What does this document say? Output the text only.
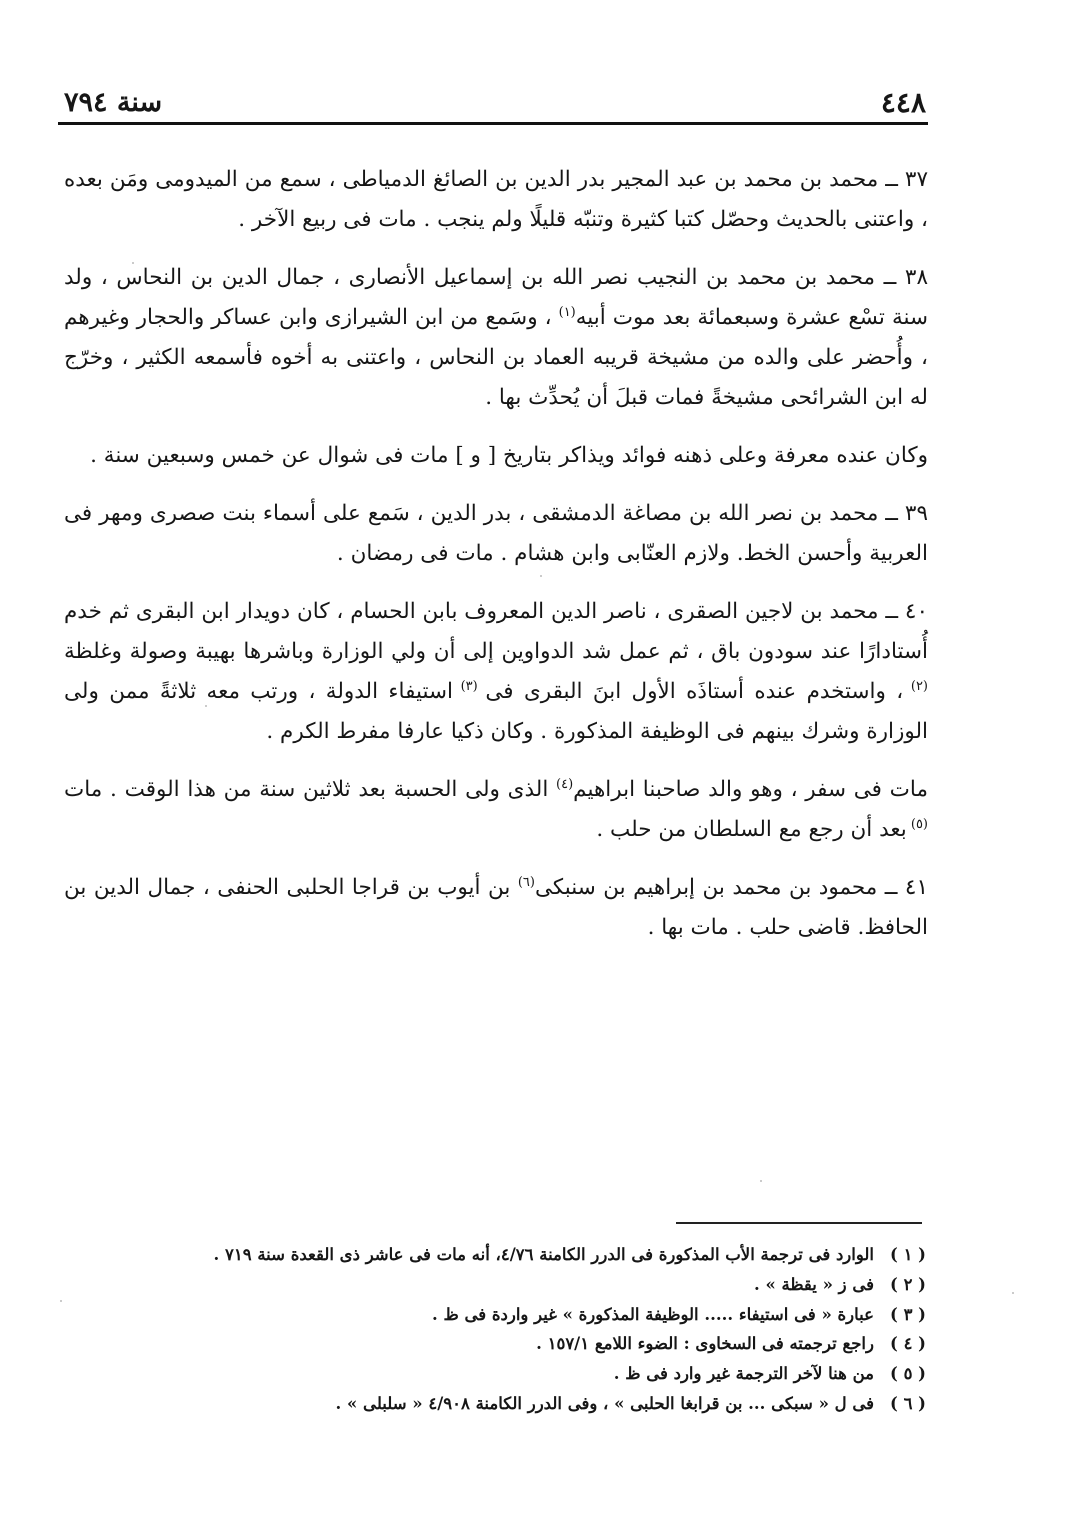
٤٤٨
سنة ٧٩٤

٣٧ ــ محمد بن محمد بن عبد المجير بدر الدين بن الصائغ الدمياطى ، سمع من الميدومى ومَن بعده ، واعتنى بالحديث وحصّل كتبا كثيرة وتنبّه قليلًا ولم ينجب . مات فى ربيع الآخر .

٣٨ ــ محمد بن محمد بن النجيب نصر الله بن إسماعيل الأنصارى ، جمال الدين بن النحاس ، ولد سنة تسْع عشرة وسبعمائة بعد موت أبيه$^{(١)}$ ، وسَمع من ابن الشيرازى وابن عساكر والحجار وغيرهم ، وأُحضر على والده من مشيخة قريبه العماد بن النحاس ، واعتنى به أخوه فأسمعه الكثير ، وخرّج له ابن الشرائحى مشيخةً فمات قبلَ أن يُحدِّث بها .

وكان عنده معرفة وعلى ذهنه فوائد ويذاكر بتاريخ [ و ] مات فى شوال عن خمس وسبعين سنة .

٣٩ ــ محمد بن نصر الله بن مصاغة الدمشقى ، بدر الدين ، سَمع على أسماء بنت صصرى ومهر فى العربية وأحسن الخط. ولازم العنّابى وابن هشام . مات فى رمضان .

٤٠ ــ محمد بن لاجين الصقرى ، ناصر الدين المعروف بابن الحسام ، كان دويدار ابن البقرى ثم خدم أُستادارًا عند سودون باق ، ثم عمل شد الدواوين إلى أن ولي الوزارة وباشرها بهيبة وصولة وغلظة $^{(٢)}$ ، واستخدم عنده أستاذَه الأول ابنَ البقرى فى $^{(٣)}$ استيفاء الدولة ، ورتب معه ثلاثةً ممن ولى الوزارة وشرك بينهم فى الوظيفة المذكورة . وكان ذكيا عارفا مفرط الكرم .

مات فى سفر ، وهو والد صاحبنا ابراهيم$^{(٤)}$ الذى ولى الحسبة بعد ثلاثين سنة من هذا الوقت . مات $^{(٥)}$ بعد أن رجع مع السلطان من حلب .

٤١ ــ محمود بن محمد بن إبراهيم بن سنبكى$^{(٦)}$ بن أيوب بن قراجا الحلبى الحنفى ، جمال الدين بن الحافظ. قاضى حلب . مات بها .

( ١ )الوارد فى ترجمة الأب المذكورة فى الدرر الكامنة ٤/٧٦، أنه مات فى عاشر ذى القعدة سنة ٧١٩ .
( ٢ )فى ز « يقظة » .
( ٣ )عبارة « فى استيفاء ..... الوظيفة المذكورة » غير واردة فى ظ .
( ٤ )راجع ترجمته فى السخاوى : الضوء اللامع ١٥٧/١ .
( ٥ )من هنا لآخر الترجمة غير وارد فى ظ .
( ٦ )فى ل « سبكى ... بن قرابغا الحلبى » ، وفى الدرر الكامنة ٤/٩٠٨ « سلبلى » .
